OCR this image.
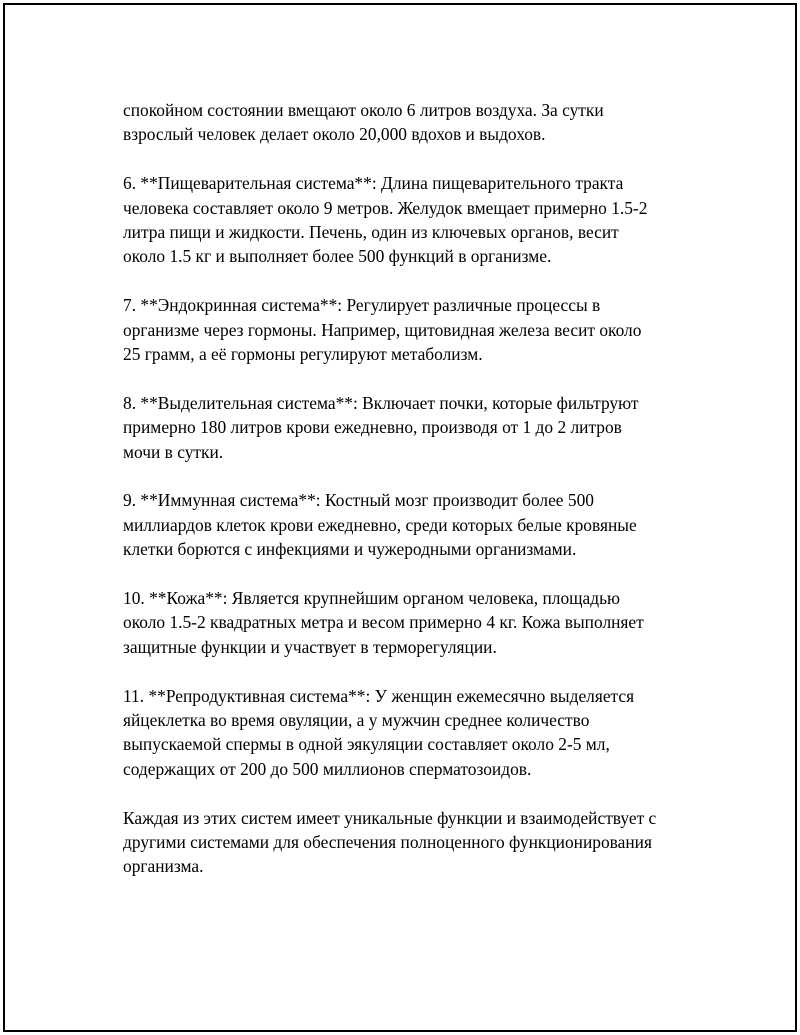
спокойном состоянии вмещают около 6 литров воздуха. За сутки
взрослый человек делает около 20,000 вдохов и выдохов.

6. **Пищеварительная система**: Длина пищеварительного тракта
человека составляет около 9 метров. Желудок вмещает примерно 1.5-2
литра пищи и жидкости. Печень, один из ключевых органов, весит
около 1.5 кг и выполняет более 500 функций в организме.

7. **Эндокринная система**: Регулирует различные процессы в
организме через гормоны. Например, щитовидная железа весит около
25 грамм, а её гормоны регулируют метаболизм.

8. **Выделительная система**: Включает почки, которые фильтруют
примерно 180 литров крови ежедневно, производя от 1 до 2 литров
мочи в сутки.

9. **Иммунная система**: Костный мозг производит более 500
миллиардов клеток крови ежедневно, среди которых белые кровяные
клетки борются с инфекциями и чужеродными организмами.

10. **Кожа**: Является крупнейшим органом человека, площадью
около 1.5-2 квадратных метра и весом примерно 4 кг. Кожа выполняет
защитные функции и участвует в терморегуляции.

11. **Репродуктивная система**: У женщин ежемесячно выделяется
яйцеклетка во время овуляции, а у мужчин среднее количество
выпускаемой спермы в одной эякуляции составляет около 2-5 мл,
содержащих от 200 до 500 миллионов сперматозоидов.

Каждая из этих систем имеет уникальные функции и взаимодействует с
другими системами для обеспечения полноценного функционирования
организма.
